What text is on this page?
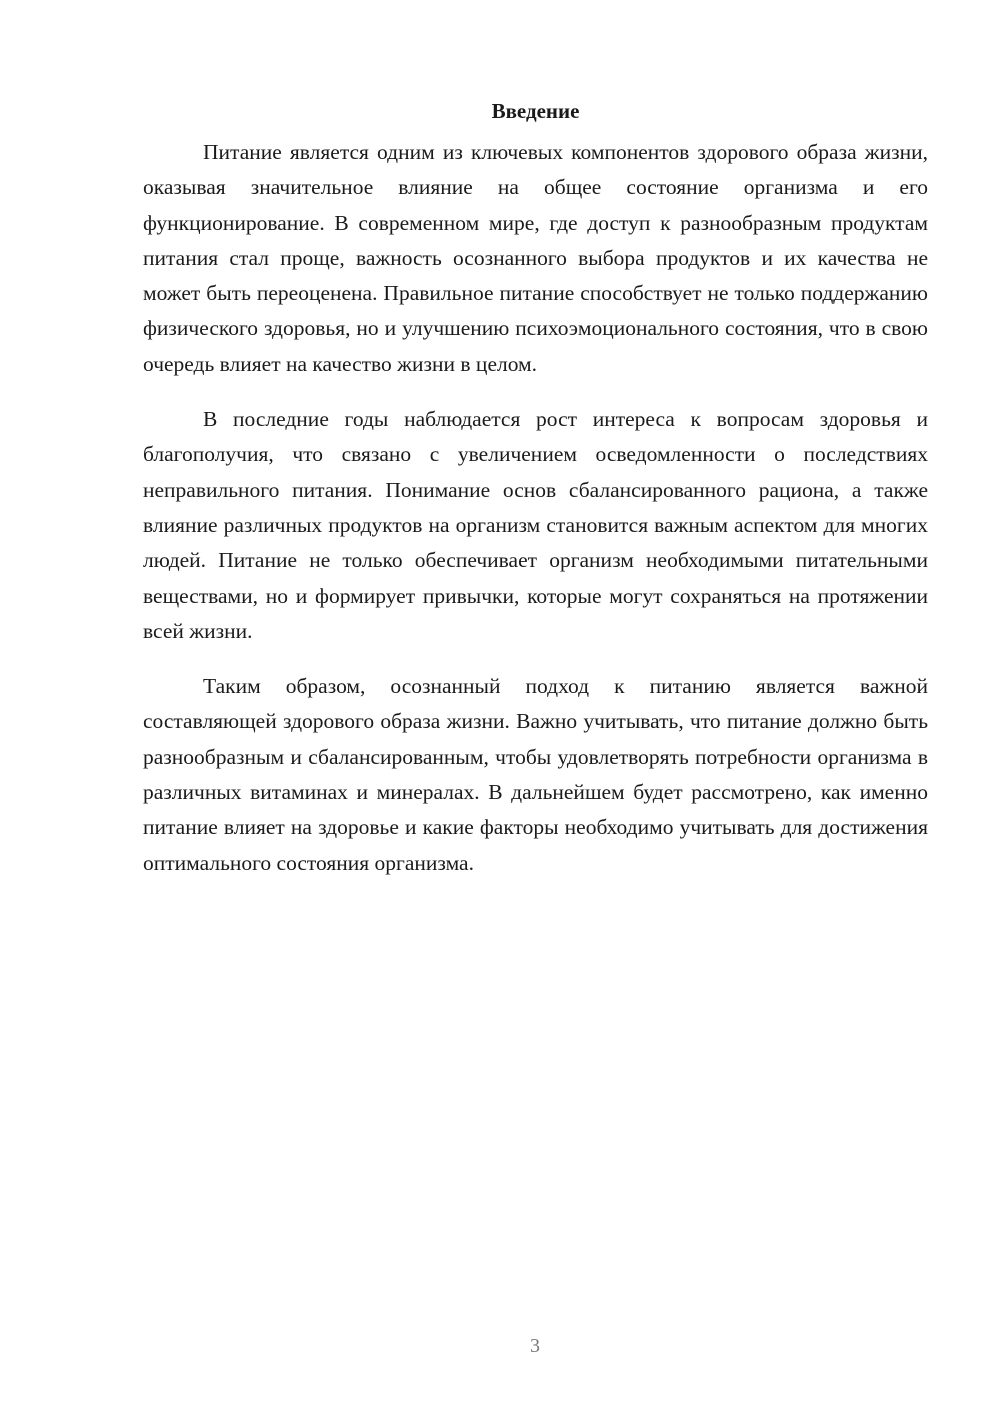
Введение

Питание является одним из ключевых компонентов здорового образа жизни, оказывая значительное влияние на общее состояние организма и его функционирование. В современном мире, где доступ к разнообразным продуктам питания стал проще, важность осознанного выбора продуктов и их качества не может быть переоценена. Правильное питание способствует не только поддержанию физического здоровья, но и улучшению психоэмоционального состояния, что в свою очередь влияет на качество жизни в целом.

В последние годы наблюдается рост интереса к вопросам здоровья и благополучия, что связано с увеличением осведомленности о последствиях неправильного питания. Понимание основ сбалансированного рациона, а также влияние различных продуктов на организм становится важным аспектом для многих людей. Питание не только обеспечивает организм необходимыми питательными веществами, но и формирует привычки, которые могут сохраняться на протяжении всей жизни.

Таким образом, осознанный подход к питанию является важной составляющей здорового образа жизни. Важно учитывать, что питание должно быть разнообразным и сбалансированным, чтобы удовлетворять потребности организма в различных витаминах и минералах. В дальнейшем будет рассмотрено, как именно питание влияет на здоровье и какие факторы необходимо учитывать для достижения оптимального состояния организма.

3
